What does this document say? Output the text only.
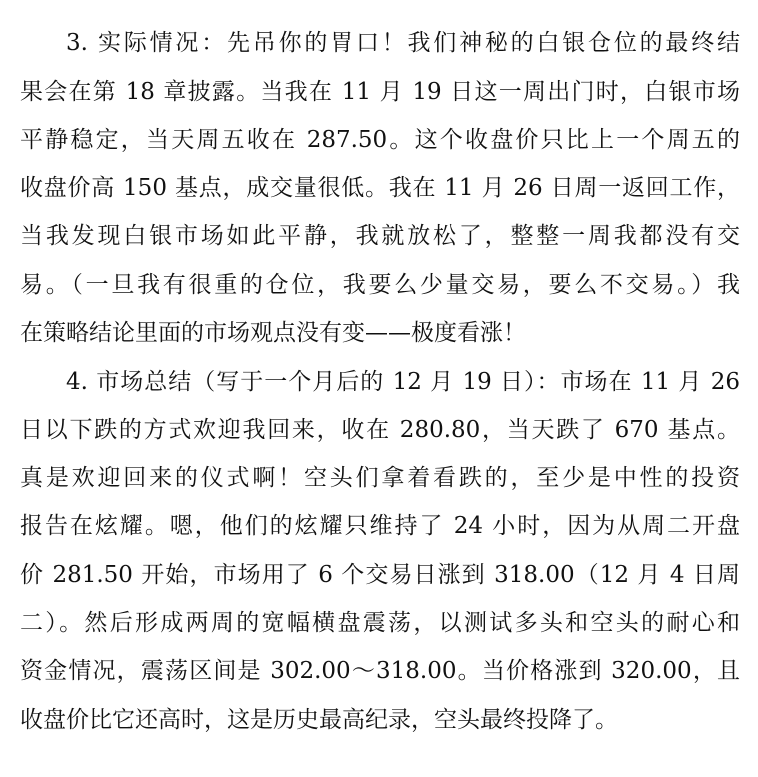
3. 实际情况：先吊你的胃口！我们神秘的白银仓位的最终结
果会在第 18 章披露。当我在 11 月 19 日这一周出门时，白银市场
平静稳定，当天周五收在 287.50。这个收盘价只比上一个周五的
收盘价高 150 基点，成交量很低。我在 11 月 26 日周一返回工作，
当我发现白银市场如此平静，我就放松了，整整一周我都没有交
易。（一旦我有很重的仓位，我要么少量交易，要么不交易。）我
在策略结论里面的市场观点没有变——极度看涨！
4. 市场总结（写于一个月后的 12 月 19 日）：市场在 11 月 26
日以下跌的方式欢迎我回来，收在 280.80，当天跌了 670 基点。
真是欢迎回来的仪式啊！空头们拿着看跌的，至少是中性的投资
报告在炫耀。嗯，他们的炫耀只维持了 24 小时，因为从周二开盘
价 281.50 开始，市场用了 6 个交易日涨到 318.00（12 月 4 日周
二）。然后形成两周的宽幅横盘震荡，以测试多头和空头的耐心和
资金情况，震荡区间是 302.00～318.00。当价格涨到 320.00，且
收盘价比它还高时，这是历史最高纪录，空头最终投降了。
